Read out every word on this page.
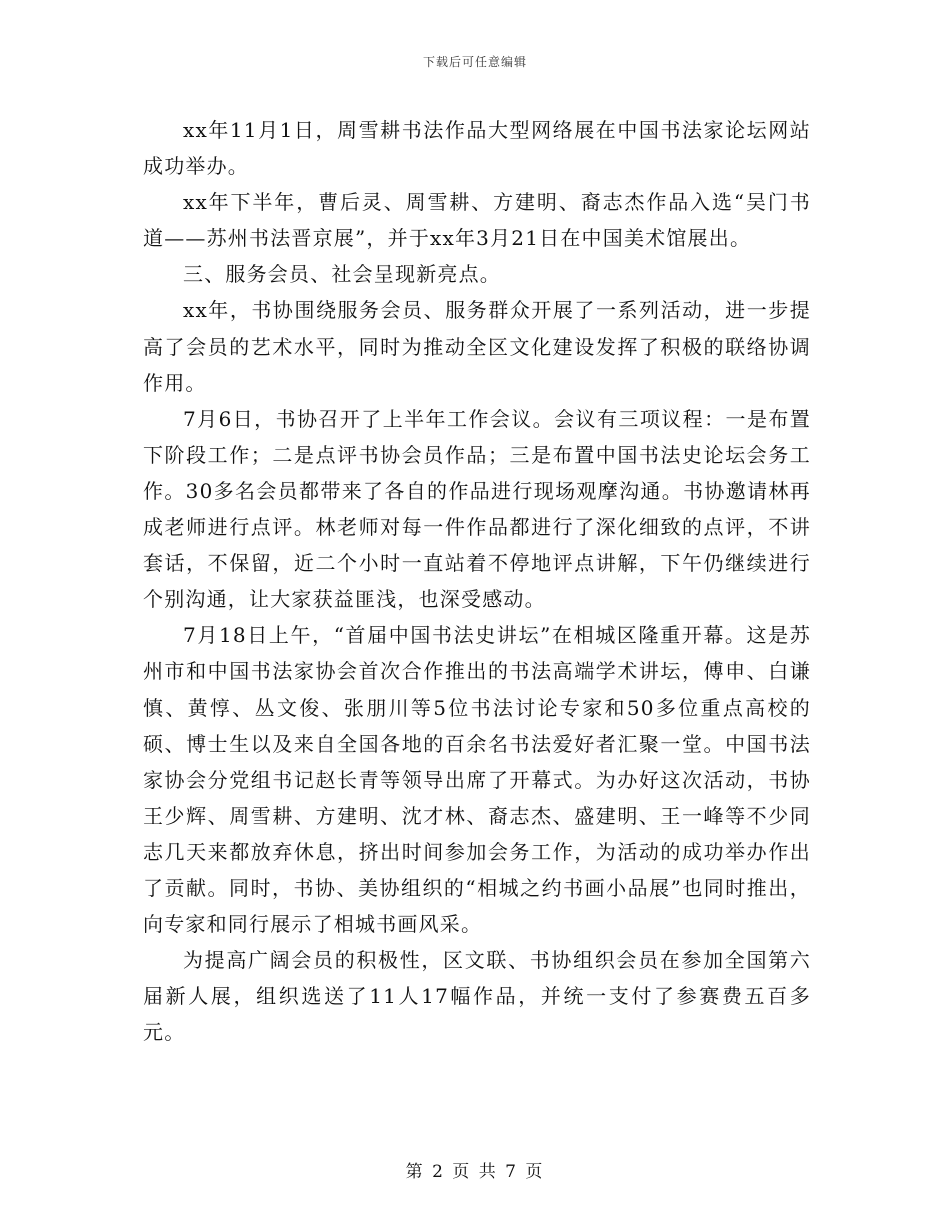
下载后可任意编辑

xx年11月1日，周雪耕书法作品大型网络展在中国书法家论坛网站成功举办。

xx年下半年，曹后灵、周雪耕、方建明、裔志杰作品入选“吴门书道——苏州书法晋京展”，并于xx年3月21日在中国美术馆展出。

三、服务会员、社会呈现新亮点。

xx年，书协围绕服务会员、服务群众开展了一系列活动，进一步提高了会员的艺术水平，同时为推动全区文化建设发挥了积极的联络协调作用。

7月6日，书协召开了上半年工作会议。会议有三项议程：一是布置下阶段工作；二是点评书协会员作品；三是布置中国书法史论坛会务工作。30多名会员都带来了各自的作品进行现场观摩沟通。书协邀请林再成老师进行点评。林老师对每一件作品都进行了深化细致的点评，不讲套话，不保留，近二个小时一直站着不停地评点讲解，下午仍继续进行个别沟通，让大家获益匪浅，也深受感动。

7月18日上午，“首届中国书法史讲坛”在相城区隆重开幕。这是苏州市和中国书法家协会首次合作推出的书法高端学术讲坛，傅申、白谦慎、黄惇、丛文俊、张朋川等5位书法讨论专家和50多位重点高校的硕、博士生以及来自全国各地的百余名书法爱好者汇聚一堂。中国书法家协会分党组书记赵长青等领导出席了开幕式。为办好这次活动，书协王少辉、周雪耕、方建明、沈才林、裔志杰、盛建明、王一峰等不少同志几天来都放弃休息，挤出时间参加会务工作，为活动的成功举办作出了贡献。同时，书协、美协组织的“相城之约书画小品展”也同时推出，向专家和同行展示了相城书画风采。

为提高广阔会员的积极性，区文联、书协组织会员在参加全国第六届新人展，组织选送了11人17幅作品，并统一支付了参赛费五百多元。

第 2 页 共 7 页
